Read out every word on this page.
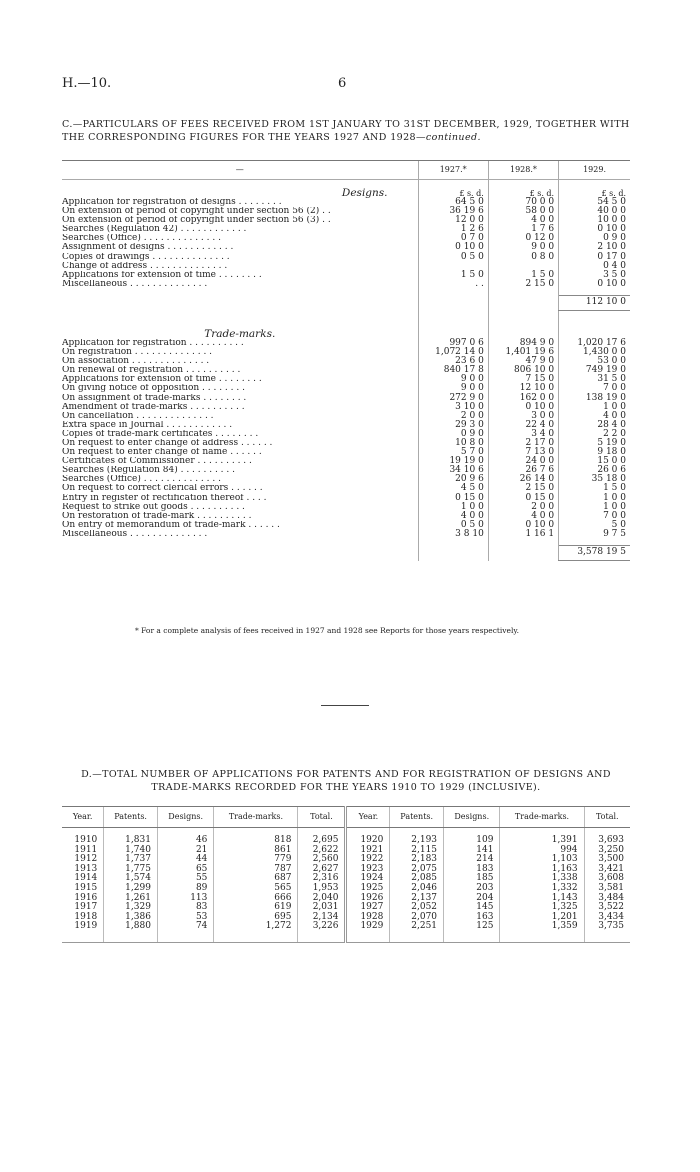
H.—10.	6
C.—PARTICULARS OF FEES RECEIVED FROM 1ST JANUARY TO 31ST DECEMBER, 1929, TOGETHER WITH THE CORRESPONDING FIGURES FOR THE YEARS 1927 AND 1928—continued.
—	1927.*	1928.*	1929.
Designs.	£ s. d.	£ s. d.	£ s. d.
Application for registration of designs . . . . . . . .	64 5 0	70 0 0	54 5 0
On extension of period of copyright under section 56 (2) . .	36 19 6	58 0 0	40 0 0
On extension of period of copyright under section 56 (3) . .	12 0 0	4 0 0	10 0 0
Searches (Regulation 42) . . . . . . . . . . . .	1 2 6	1 7 6	0 10 0
Searches (Office) . . . . . . . . . . . . . .	0 7 0	0 12 0	0 9 0
Assignment of designs . . . . . . . . . . . .	0 10 0	9 0 0	2 10 0
Copies of drawings . . . . . . . . . . . . . .	0 5 0	0 8 0	0 17 0
Change of address . . . . . . . . . . . . . .			0 4 0
Applications for extension of time . . . . . . . .	1 5 0	1 5 0	3 5 0
Miscellaneous . . . . . . . . . . . . . .	. .	2 15 0	0 10 0

			112 10 0

Trade-marks.			
Application for registration . . . . . . . . . .	997 0 6	894 9 0	1,020 17 6
On registration . . . . . . . . . . . . . .	1,072 14 0	1,401 19 6	1,430 0 0
On association . . . . . . . . . . . . . .	23 6 0	47 9 0	53 0 0
On renewal of registration . . . . . . . . . .	840 17 8	806 10 0	749 19 0
Applications for extension of time . . . . . . . .	9 0 0	7 15 0	31 5 0
On giving notice of opposition . . . . . . . .	9 0 0	12 10 0	7 0 0
On assignment of trade-marks . . . . . . . .	272 9 0	162 0 0	138 19 0
Amendment of trade-marks . . . . . . . . . .	3 10 0	0 10 0	1 0 0
On cancellation . . . . . . . . . . . . . .	2 0 0	3 0 0	4 0 0
Extra space in Journal . . . . . . . . . . . .	29 3 0	22 4 0	28 4 0
Copies of trade-mark certificates . . . . . . . .	0 9 0	3 4 0	2 2 0
On request to enter change of address . . . . . .	10 8 0	2 17 0	5 19 0
On request to enter change of name . . . . . .	5 7 0	7 13 0	9 18 0
Certificates of Commissioner . . . . . . . . . .	19 19 0	24 0 0	15 0 0
Searches (Regulation 84) . . . . . . . . . .	34 10 6	26 7 6	26 0 6
Searches (Office) . . . . . . . . . . . . . .	20 9 6	26 14 0	35 18 0
On request to correct clerical errors . . . . . .	4 5 0	2 15 0	1 5 0
Entry in register of rectification thereof . . . .	0 15 0	0 15 0	1 0 0
Request to strike out goods . . . . . . . . . .	1 0 0	2 0 0	1 0 0
On restoration of trade-mark . . . . . . . . . .	4 0 0	4 0 0	7 0 0
On entry of memorandum of trade-mark . . . . . .	0 5 0	0 10 0	5 0
Miscellaneous . . . . . . . . . . . . . .	3 8 10	1 16 1	9 7 5

			3,578 19 5
* For a complete analysis of fees received in 1927 and 1928 see Reports for those years respectively.
D.—TOTAL NUMBER OF APPLICATIONS FOR PATENTS AND FOR REGISTRATION OF DESIGNS AND
TRADE-MARKS RECORDED FOR THE YEARS 1910 TO 1929 (INCLUSIVE).
Year.	Patents.	Designs.	Trade-marks.	Total.	Year.	Patents.	Designs.	Trade-marks.	Total.

1910	1,831	46	818	2,695	1920	2,193	109	1,391	3,693
1911	1,740	21	861	2,622	1921	2,115	141	994	3,250
1912	1,737	44	779	2,560	1922	2,183	214	1,103	3,500
1913	1,775	65	787	2,627	1923	2,075	183	1,163	3,421
1914	1,574	55	687	2,316	1924	2,085	185	1,338	3,608
1915	1,299	89	565	1,953	1925	2,046	203	1,332	3,581
1916	1,261	113	666	2,040	1926	2,137	204	1,143	3,484
1917	1,329	83	619	2,031	1927	2,052	145	1,325	3,522
1918	1,386	53	695	2,134	1928	2,070	163	1,201	3,434
1919	1,880	74	1,272	3,226	1929	2,251	125	1,359	3,735
